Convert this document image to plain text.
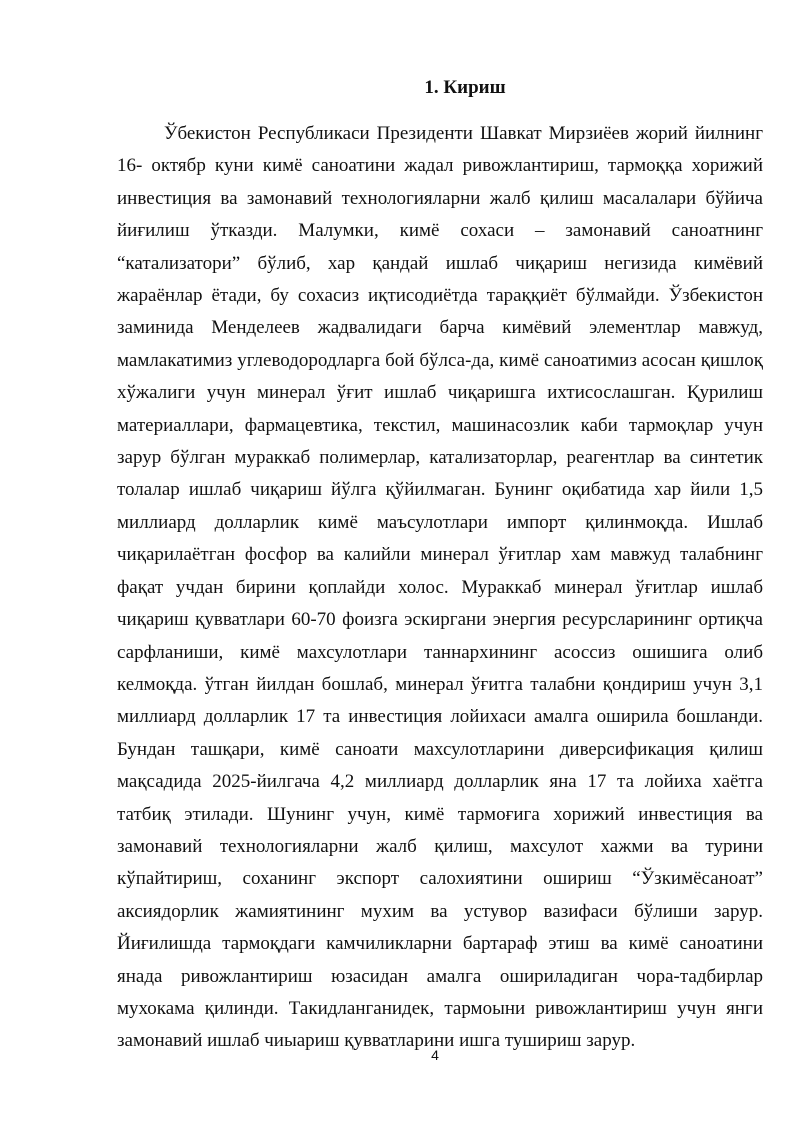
1. Кириш

Ўбекистон Республикаси Президенти Шавкат Мирзиёев жорий йилнинг 16- октябр куни кимё саноатини жадал ривожлантириш, тармоққа хорижий инвестиция ва замонавий технологияларни жалб қилиш масалалари бўйича йиғилиш ўтказди. Малумки, кимё сохаси – замонавий саноатнинг “катализатори” бўлиб, хар қандай ишлаб чиқариш негизида кимёвий жараёнлар ётади, бу сохасиз иқтисодиётда тараққиёт бўлмайди. Ўзбекистон заминида Менделеев жадвалидаги барча кимёвий элементлар мавжуд, мамлакатимиз углеводородларга бой бўлса-да, кимё саноатимиз асосан қишлоқ хўжалиги учун минерал ўғит ишлаб чиқаришга ихтисослашган. Қурилиш материаллари, фармацевтика, текстил, машинасозлик каби тармоқлар учун зарур бўлган мураккаб полимерлар, катализаторлар, реагентлар ва синтетик толалар ишлаб чиқариш йўлга қўйилмаган. Бунинг оқибатида хар йили 1,5 миллиард долларлик кимё маъсулотлари импорт қилинмоқда. Ишлаб чиқарилаётган фосфор ва калийли минерал ўғитлар хам мавжуд талабнинг фақат учдан бирини қоплайди холос. Мураккаб минерал ўғитлар ишлаб чиқариш қувватлари 60-70 фоизга эскиргани энергия ресурсларининг ортиқча сарфланиши, кимё махсулотлари таннархининг асоссиз ошишига олиб келмоқда. ўтган йилдан бошлаб, минерал ўғитга талабни қондириш учун 3,1 миллиард долларлик 17 та инвестиция лойихаси амалга оширила бошланди. Бундан ташқари, кимё саноати махсулотларини диверсификация қилиш мақсадида 2025-йилгача 4,2 миллиард долларлик яна 17 та лойиха хаётга татбиқ этилади. Шунинг учун, кимё тармоғига хорижий инвестиция ва замонавий технологияларни жалб қилиш, махсулот хажми ва турини кўпайтириш, соханинг экспорт салохиятини ошириш “Ўзкимёсаноат” аксиядорлик жамиятининг мухим ва устувор вазифаси бўлиши зарур. Йиғилишда тармоқдаги камчиликларни бартараф этиш ва кимё саноатини янада ривожлантириш юзасидан амалга ошириладиган чора-тадбирлар мухокама қилинди. Такидланганидек, тармоыни ривожлантириш учун янги замонавий ишлаб чиыариш қувватларини ишга тушириш зарур.

4
